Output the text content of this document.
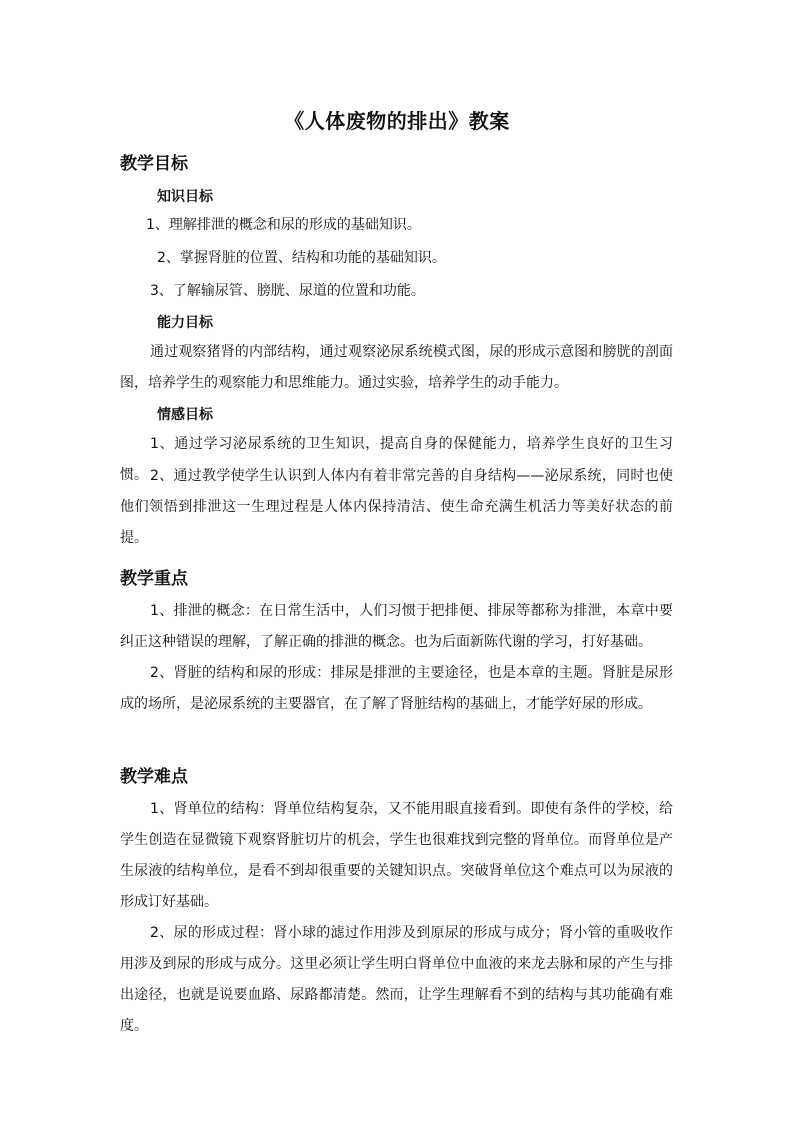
《人体废物的排出》教案
教学目标
知识目标
1、理解排泄的概念和尿的形成的基础知识。
2、掌握肾脏的位置、结构和功能的基础知识。
3、了解输尿管、膀胱、尿道的位置和功能。
能力目标

通过观察猪肾的内部结构，通过观察泌尿系统模式图，尿的形成示意图和膀胱的剖面图，培养学生的观察能力和思维能力。通过实验，培养学生的动手能力。

情感目标

1、通过学习泌尿系统的卫生知识，提高自身的保健能力，培养学生良好的卫生习惯。 2、通过教学使学生认识到人体内有着非常完善的自身结构——泌尿系统，同时也使他们领悟到排泄这一生理过程是人体内保持清洁、使生命充满生机活力等美好状态的前提。

教学重点

1、排泄的概念：在日常生活中，人们习惯于把排便、排尿等都称为排泄，本章中要纠正这种错误的理解，了解正确的排泄的概念。也为后面新陈代谢的学习，打好基础。

2、肾脏的结构和尿的形成：排尿是排泄的主要途径，也是本章的主题。肾脏是尿形成的场所，是泌尿系统的主要器官，在了解了肾脏结构的基础上，才能学好尿的形成。

教学难点

1、肾单位的结构：肾单位结构复杂，又不能用眼直接看到。即使有条件的学校，给学生创造在显微镜下观察肾脏切片的机会，学生也很难找到完整的肾单位。而肾单位是产生尿液的结构单位，是看不到却很重要的关键知识点。突破肾单位这个难点可以为尿液的形成订好基础。

2、尿的形成过程：肾小球的滤过作用涉及到原尿的形成与成分；肾小管的重吸收作用涉及到尿的形成与成分。这里必须让学生明白肾单位中血液的来龙去脉和尿的产生与排出途径，也就是说要血路、尿路都清楚。然而，让学生理解看不到的结构与其功能确有难度。
